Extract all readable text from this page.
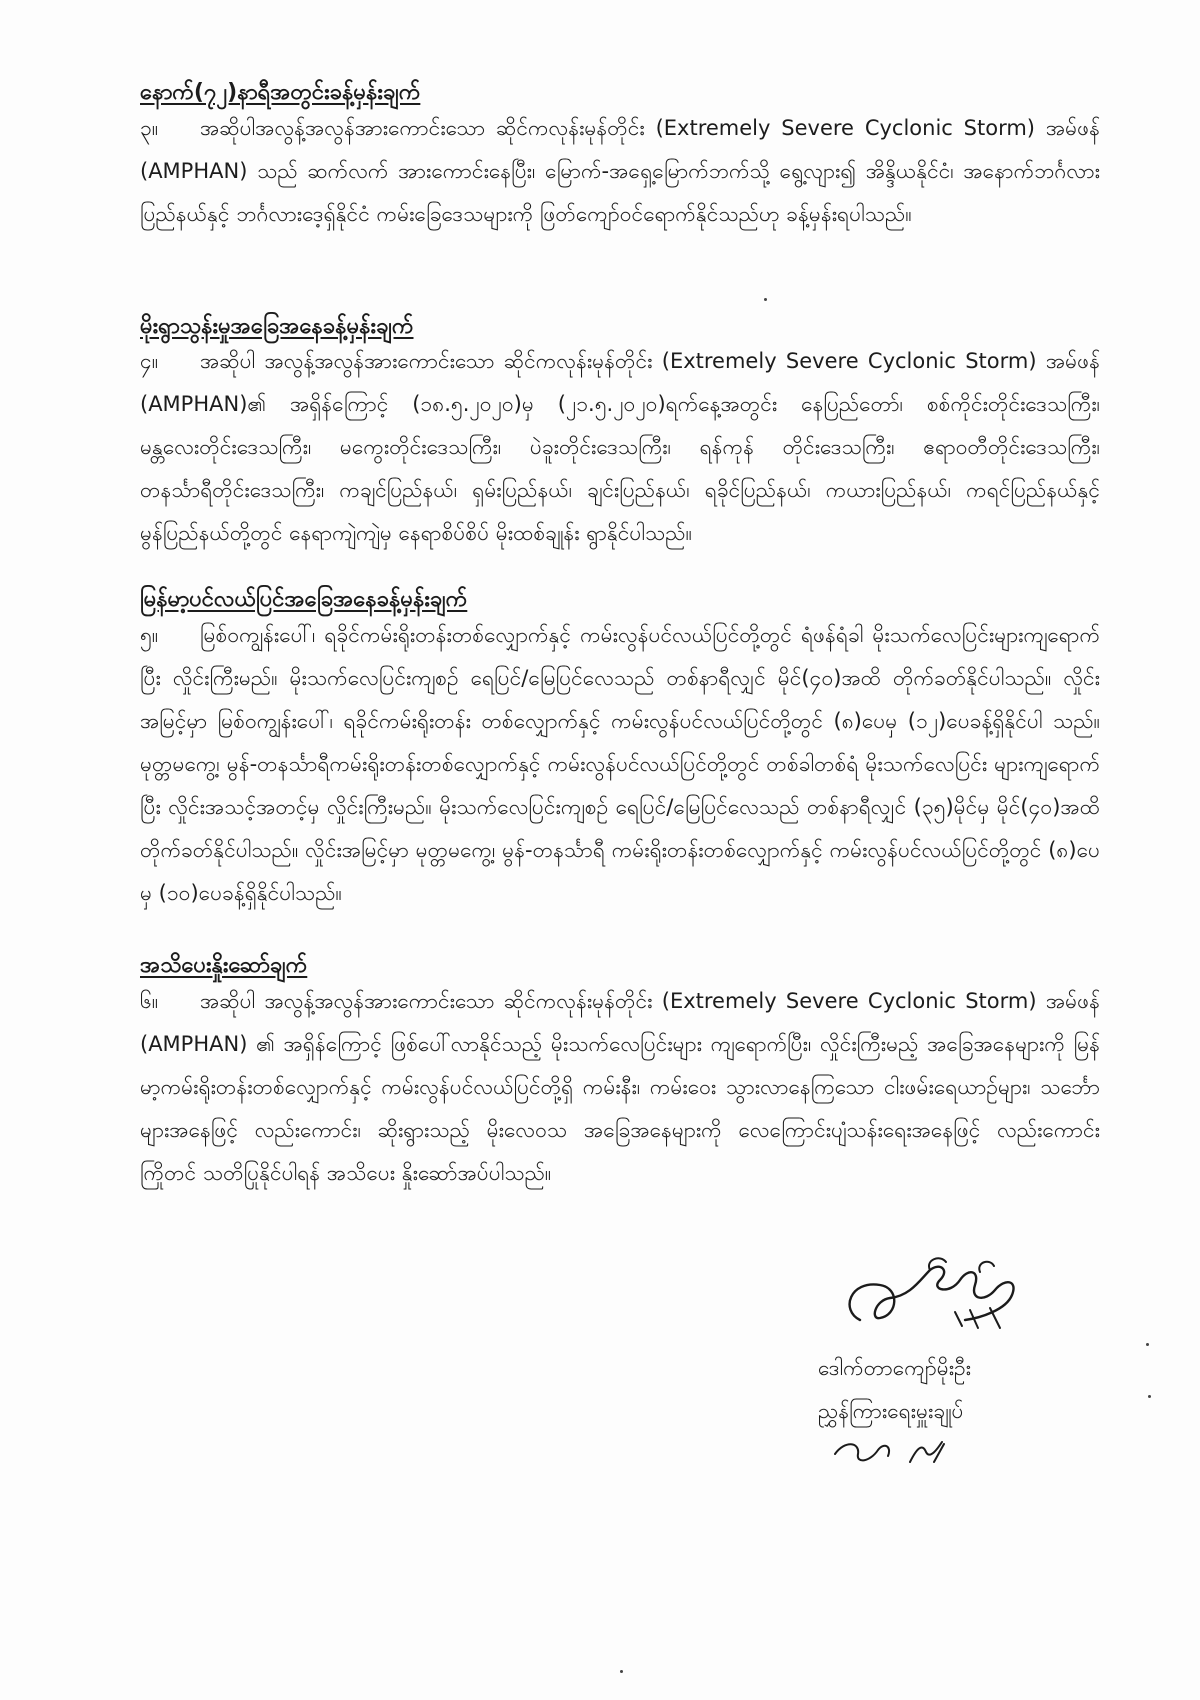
နောက်(၇၂)နာရီအတွင်းခန့်မှန်းချက်
၃။ အဆိုပါအလွန့်အလွန်အားကောင်းသော ဆိုင်ကလုန်းမုန်တိုင်း (Extremely Severe Cyclonic Storm) အမ်ဖန် (AMPHAN) သည် ဆက်လက် အားကောင်းနေပြီး၊ မြောက်-အရှေ့မြောက်ဘက်သို့ ရွေ့လျား၍ အိန္ဒိယနိုင်ငံ၊ အနောက်ဘင်္ဂလားပြည်နယ်နှင့် ဘင်္ဂလားဒေ့ရှ်နိုင်ငံ ကမ်းခြေဒေသများကို ဖြတ်ကျော်ဝင်ရောက်နိုင်သည်ဟု ခန့်မှန်းရပါသည်။
မိုးရွာသွန်းမှုအခြေအနေခန့်မှန်းချက်
၄။ အဆိုပါ အလွန့်အလွန်အားကောင်းသော ဆိုင်ကလုန်းမုန်တိုင်း (Extremely Severe Cyclonic Storm) အမ်ဖန် (AMPHAN)၏ အရှိန်ကြောင့် (၁၈.၅.၂၀၂၀)မှ (၂၁.၅.၂၀၂၀)ရက်နေ့အတွင်း နေပြည်တော်၊ စစ်ကိုင်းတိုင်းဒေသကြီး၊ မန္တလေးတိုင်းဒေသကြီး၊ မကွေးတိုင်းဒေသကြီး၊ ပဲခူးတိုင်းဒေသကြီး၊ ရန်ကုန် တိုင်းဒေသကြီး၊ ဧရာဝတီတိုင်းဒေသကြီး၊ တနင်္သာရီတိုင်းဒေသကြီး၊ ကချင်ပြည်နယ်၊ ရှမ်းပြည်နယ်၊ ချင်းပြည်နယ်၊ ရခိုင်ပြည်နယ်၊ ကယားပြည်နယ်၊ ကရင်ပြည်နယ်နှင့် မွန်ပြည်နယ်တို့တွင် နေရာကျဲကျဲမှ နေရာစိပ်စိပ် မိုးထစ်ချုန်း ရွာနိုင်ပါသည်။
မြန်မာ့ပင်လယ်ပြင်အခြေအနေခန့်မှန်းချက်
၅။ မြစ်ဝကျွန်းပေါ်၊ ရခိုင်ကမ်းရိုးတန်းတစ်လျှောက်နှင့် ကမ်းလွန်ပင်လယ်ပြင်တို့တွင် ရံဖန်ရံခါ မိုးသက်လေပြင်းများကျရောက်ပြီး လှိုင်းကြီးမည်။ မိုးသက်လေပြင်းကျစဉ် ရေပြင်/မြေပြင်လေသည် တစ်နာရီလျှင် မိုင်(၄၀)အထိ တိုက်ခတ်နိုင်ပါသည်။ လှိုင်းအမြင့်မှာ မြစ်ဝကျွန်းပေါ်၊ ရခိုင်ကမ်းရိုးတန်း တစ်လျှောက်နှင့် ကမ်းလွန်ပင်လယ်ပြင်တို့တွင် (၈)ပေမှ (၁၂)ပေခန့်ရှိနိုင်ပါ သည်။ မုတ္တမကွေ့၊ မွန်-တနင်္သာရီကမ်းရိုးတန်းတစ်လျှောက်နှင့် ကမ်းလွန်ပင်လယ်ပြင်တို့တွင် တစ်ခါတစ်ရံ မိုးသက်လေပြင်း များကျရောက်ပြီး လှိုင်းအသင့်အတင့်မှ လှိုင်းကြီးမည်။ မိုးသက်လေပြင်းကျစဉ် ရေပြင်/မြေပြင်လေသည် တစ်နာရီလျှင် (၃၅)မိုင်မှ မိုင်(၄၀)အထိ တိုက်ခတ်နိုင်ပါသည်။ လှိုင်းအမြင့်မှာ မုတ္တမကွေ့၊ မွန်-တနင်္သာရီ ကမ်းရိုးတန်းတစ်လျှောက်နှင့် ကမ်းလွန်ပင်လယ်ပြင်တို့တွင် (၈)ပေမှ (၁၀)ပေခန့်ရှိနိုင်ပါသည်။
အသိပေးနှိုးဆော်ချက်
၆။ အဆိုပါ အလွန့်အလွန်အားကောင်းသော ဆိုင်ကလုန်းမုန်တိုင်း (Extremely Severe Cyclonic Storm) အမ်ဖန် (AMPHAN) ၏ အရှိန်ကြောင့် ဖြစ်ပေါ်လာနိုင်သည့် မိုးသက်လေပြင်းများ ကျရောက်ပြီး၊ လှိုင်းကြီးမည့် အခြေအနေများကို မြန်မာ့ကမ်းရိုးတန်းတစ်လျှောက်နှင့် ကမ်းလွန်ပင်လယ်ပြင်တို့ရှိ ကမ်းနီး၊ ကမ်းဝေး သွားလာနေကြသော ငါးဖမ်းရေယာဉ်များ၊ သင်္ဘောများအနေဖြင့် လည်းကောင်း၊ ဆိုးရွားသည့် မိုးလေဝသ အခြေအနေများကို လေကြောင်းပျံသန်းရေးအနေဖြင့် လည်းကောင်း ကြိုတင် သတိပြုနိုင်ပါရန် အသိပေး နှိုးဆော်အပ်ပါသည်။
ဒေါက်တာကျော်မိုးဦး
ညွှန်ကြားရေးမှူးချုပ်
